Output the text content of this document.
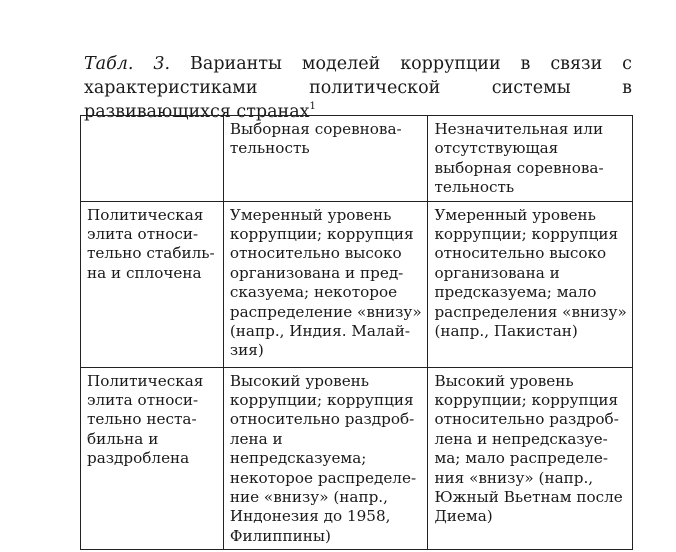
Табл. 3. Варианты моделей коррупции в связи с характеристиками политической системы в развивающихся странах$^1$
	Выборная соревновательность	Незначительная или отсутствующая выборная соревновательность
Политическая элита относительно стабильна и сплочена	Умеренный уровень коррупции; коррупция относительно высоко организована и предсказуема; некоторое распределение «внизу» (напр., Индия. Малайзия)	Умеренный уровень коррупции; коррупция относительно высоко организована и предсказуема; мало распределения «внизу» (напр., Пакистан)
Политическая элита относительно нестабильна и раздроблена	Высокий уровень коррупции; коррупция относительно раздроблена и непредсказуема; некоторое распределение «внизу» (напр., Индонезия до 1958, Филиппины)	Высокий уровень коррупции; коррупция относительно раздроблена и непредсказуема; мало распределения «внизу» (напр., Южный Вьетнам после Диема)
